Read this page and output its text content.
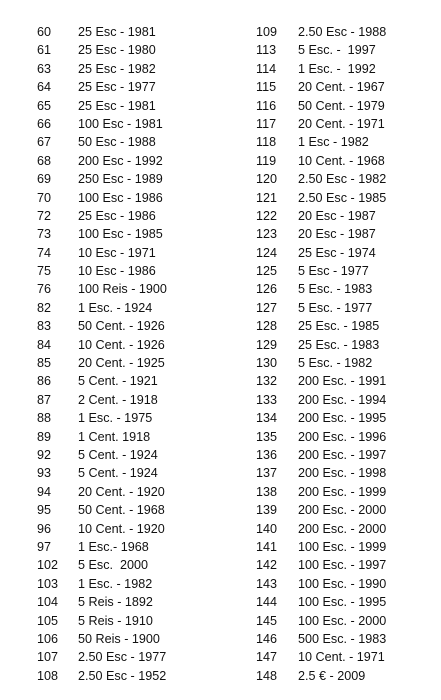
60 25 Esc - 1981
61 25 Esc - 1980
63 25 Esc - 1982
64 25 Esc - 1977
65 25 Esc - 1981
66 100 Esc - 1981
67 50 Esc - 1988
68 200 Esc - 1992
69 250 Esc - 1989
70 100 Esc - 1986
72 25 Esc - 1986
73 100 Esc - 1985
74 10 Esc - 1971
75 10 Esc - 1986
76 100 Reis - 1900
82 1 Esc. - 1924
83 50 Cent. - 1926
84 10 Cent. - 1926
85 20 Cent. - 1925
86 5 Cent. - 1921
87 2 Cent. - 1918
88 1 Esc. - 1975
89 1 Cent. 1918
92 5 Cent. - 1924
93 5 Cent. - 1924
94 20 Cent. - 1920
95 50 Cent. - 1968
96 10 Cent. - 1920
97 1 Esc.- 1968
102 5 Esc.  2000
103 1 Esc. - 1982
104 5 Reis - 1892
105 5 Reis - 1910
106 50 Reis - 1900
107 2.50 Esc - 1977
108 2.50 Esc - 1952
109 2.50 Esc - 1988
113 5 Esc. -  1997
114 1 Esc. -  1992
115 20 Cent. - 1967
116 50 Cent. - 1979
117 20 Cent. - 1971
118 1 Esc - 1982
119 10 Cent. - 1968
120 2.50 Esc - 1982
121 2.50 Esc - 1985
122 20 Esc - 1987
123 20 Esc - 1987
124 25 Esc - 1974
125 5 Esc - 1977
126 5 Esc. - 1983
127 5 Esc. - 1977
128 25 Esc. - 1985
129 25 Esc. - 1983
130 5 Esc. - 1982
132 200 Esc. - 1991
133 200 Esc. - 1994
134 200 Esc. - 1995
135 200 Esc. - 1996
136 200 Esc. - 1997
137 200 Esc. - 1998
138 200 Esc. - 1999
139 200 Esc. - 2000
140 200 Esc. - 2000
141 100 Esc. - 1999
142 100 Esc. - 1997
143 100 Esc. - 1990
144 100 Esc. - 1995
145 100 Esc. - 2000
146 500 Esc. - 1983
147 10 Cent. - 1971
148 2.5 € - 2009
